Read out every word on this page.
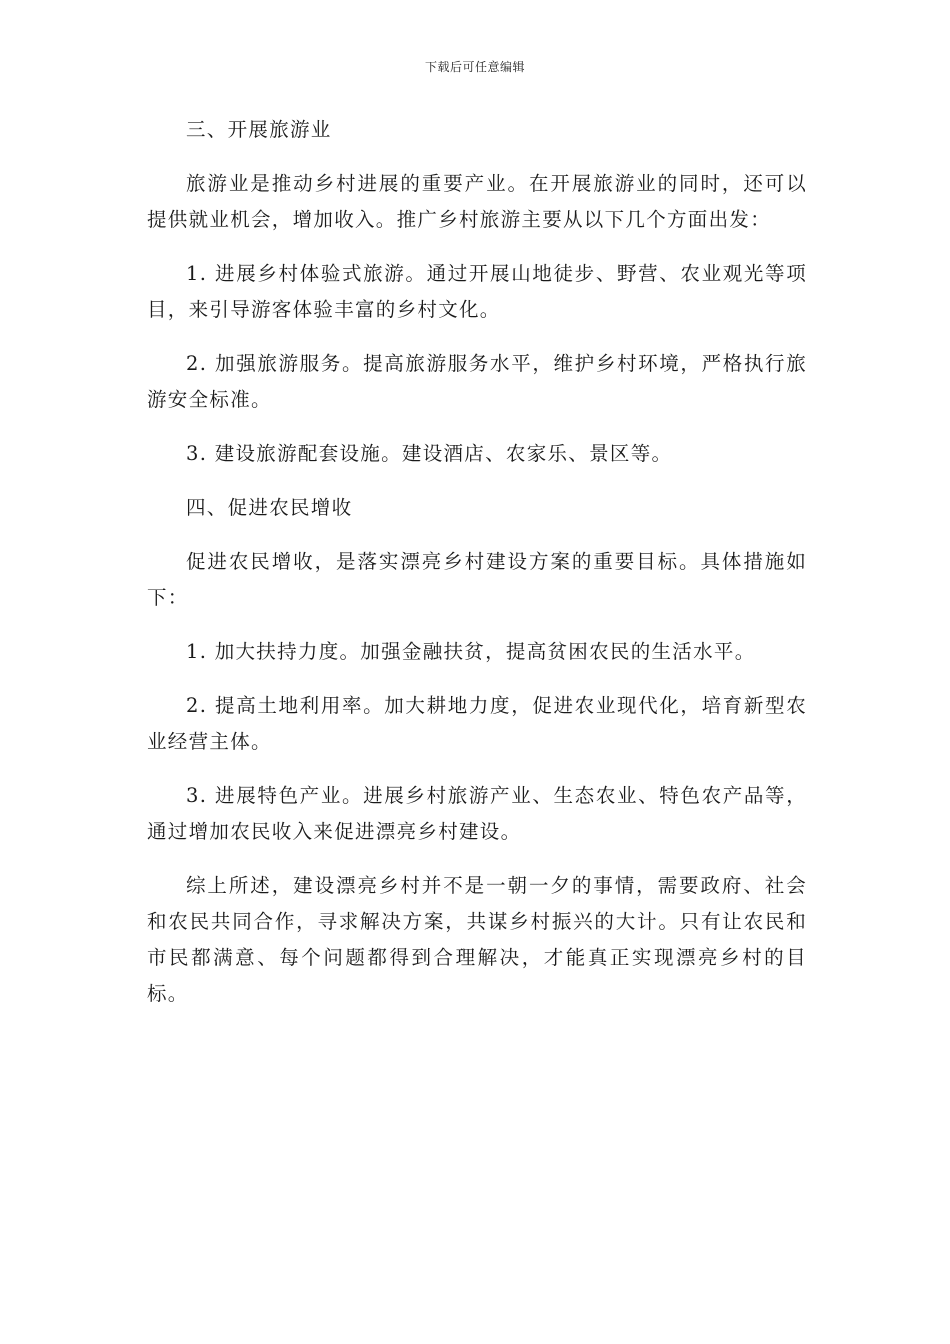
下载后可任意编辑

三、开展旅游业

旅游业是推动乡村进展的重要产业。在开展旅游业的同时，还可以提供就业机会，增加收入。推广乡村旅游主要从以下几个方面出发：

1. 进展乡村体验式旅游。通过开展山地徒步、野营、农业观光等项目，来引导游客体验丰富的乡村文化。

2. 加强旅游服务。提高旅游服务水平，维护乡村环境，严格执行旅游安全标准。

3. 建设旅游配套设施。建设酒店、农家乐、景区等。

四、促进农民增收

促进农民增收，是落实漂亮乡村建设方案的重要目标。具体措施如下：

1. 加大扶持力度。加强金融扶贫，提高贫困农民的生活水平。

2. 提高土地利用率。加大耕地力度，促进农业现代化，培育新型农业经营主体。

3. 进展特色产业。进展乡村旅游产业、生态农业、特色农产品等，通过增加农民收入来促进漂亮乡村建设。

综上所述，建设漂亮乡村并不是一朝一夕的事情，需要政府、社会和农民共同合作，寻求解决方案，共谋乡村振兴的大计。只有让农民和市民都满意、每个问题都得到合理解决，才能真正实现漂亮乡村的目标。
